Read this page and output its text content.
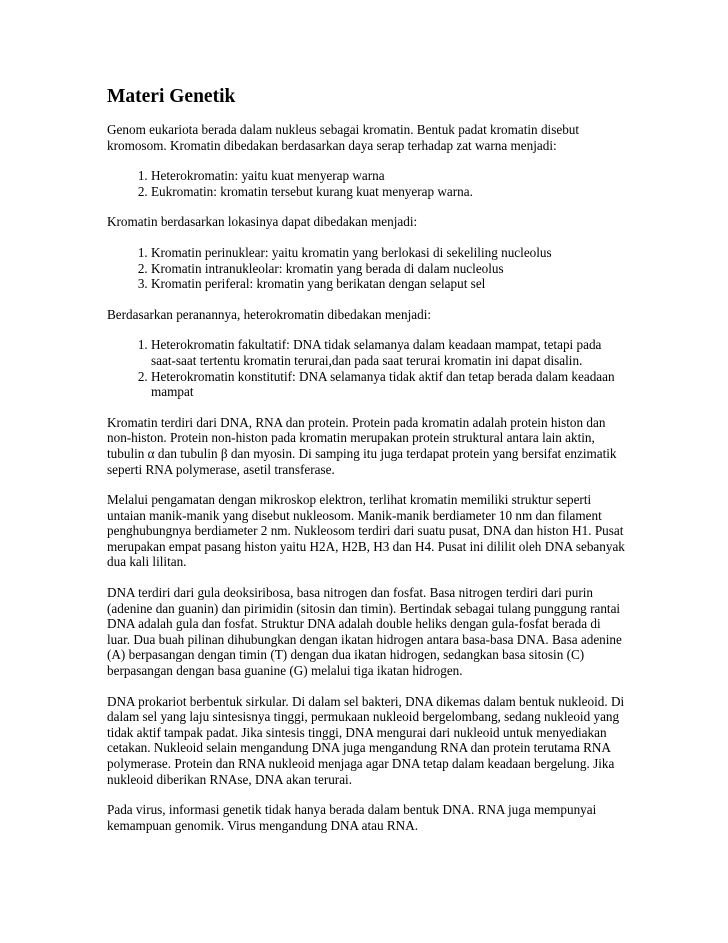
Materi Genetik

Genom eukariota berada dalam nukleus sebagai kromatin. Bentuk padat kromatin disebut kromosom. Kromatin dibedakan berdasarkan daya serap terhadap zat warna menjadi:

1. Heterokromatin: yaitu kuat menyerap warna
2. Eukromatin: kromatin tersebut kurang kuat menyerap warna.

Kromatin berdasarkan lokasinya dapat dibedakan menjadi:

1. Kromatin perinuklear: yaitu kromatin yang berlokasi di sekeliling nucleolus
2. Kromatin intranukleolar: kromatin yang berada di dalam nucleolus
3. Kromatin periferal: kromatin yang berikatan dengan selaput sel

Berdasarkan peranannya, heterokromatin dibedakan menjadi:

1. Heterokromatin fakultatif: DNA tidak selamanya dalam keadaan mampat, tetapi pada saat-saat tertentu kromatin terurai,dan pada saat terurai kromatin ini dapat disalin.
2. Heterokromatin konstitutif: DNA selamanya tidak aktif dan tetap berada dalam keadaan mampat

Kromatin terdiri dari DNA, RNA dan protein. Protein pada kromatin adalah protein histon dan non-histon. Protein non-histon pada kromatin merupakan protein struktural antara lain aktin, tubulin α dan tubulin β dan myosin. Di samping itu juga terdapat protein yang bersifat enzimatik seperti RNA polymerase, asetil transferase.

Melalui pengamatan dengan mikroskop elektron, terlihat kromatin memiliki struktur seperti untaian manik-manik yang disebut nukleosom. Manik-manik berdiameter 10 nm dan filament penghubungnya berdiameter 2 nm. Nukleosom terdiri dari suatu pusat, DNA dan histon H1. Pusat merupakan empat pasang histon yaitu H2A, H2B, H3 dan H4. Pusat ini dililit oleh DNA sebanyak dua kali lilitan.

DNA terdiri dari gula deoksiribosa, basa nitrogen dan fosfat. Basa nitrogen terdiri dari purin (adenine dan guanin) dan pirimidin (sitosin dan timin). Bertindak sebagai tulang punggung rantai DNA adalah gula dan fosfat. Struktur DNA adalah double heliks dengan gula-fosfat berada di luar. Dua buah pilinan dihubungkan dengan ikatan hidrogen antara basa-basa DNA. Basa adenine (A) berpasangan dengan timin (T) dengan dua ikatan hidrogen, sedangkan basa sitosin (C) berpasangan dengan basa guanine (G) melalui tiga ikatan hidrogen.

DNA prokariot berbentuk sirkular. Di dalam sel bakteri, DNA dikemas dalam bentuk nukleoid. Di dalam sel yang laju sintesisnya tinggi, permukaan nukleoid bergelombang, sedang nukleoid yang tidak aktif tampak padat. Jika sintesis tinggi, DNA mengurai dari nukleoid untuk menyediakan cetakan. Nukleoid selain mengandung DNA juga mengandung RNA dan protein terutama RNA polymerase. Protein dan RNA nukleoid menjaga agar DNA tetap dalam keadaan bergelung. Jika nukleoid diberikan RNAse, DNA akan terurai.

Pada virus, informasi genetik tidak hanya berada dalam bentuk DNA. RNA juga mempunyai kemampuan genomik. Virus mengandung DNA atau RNA.
